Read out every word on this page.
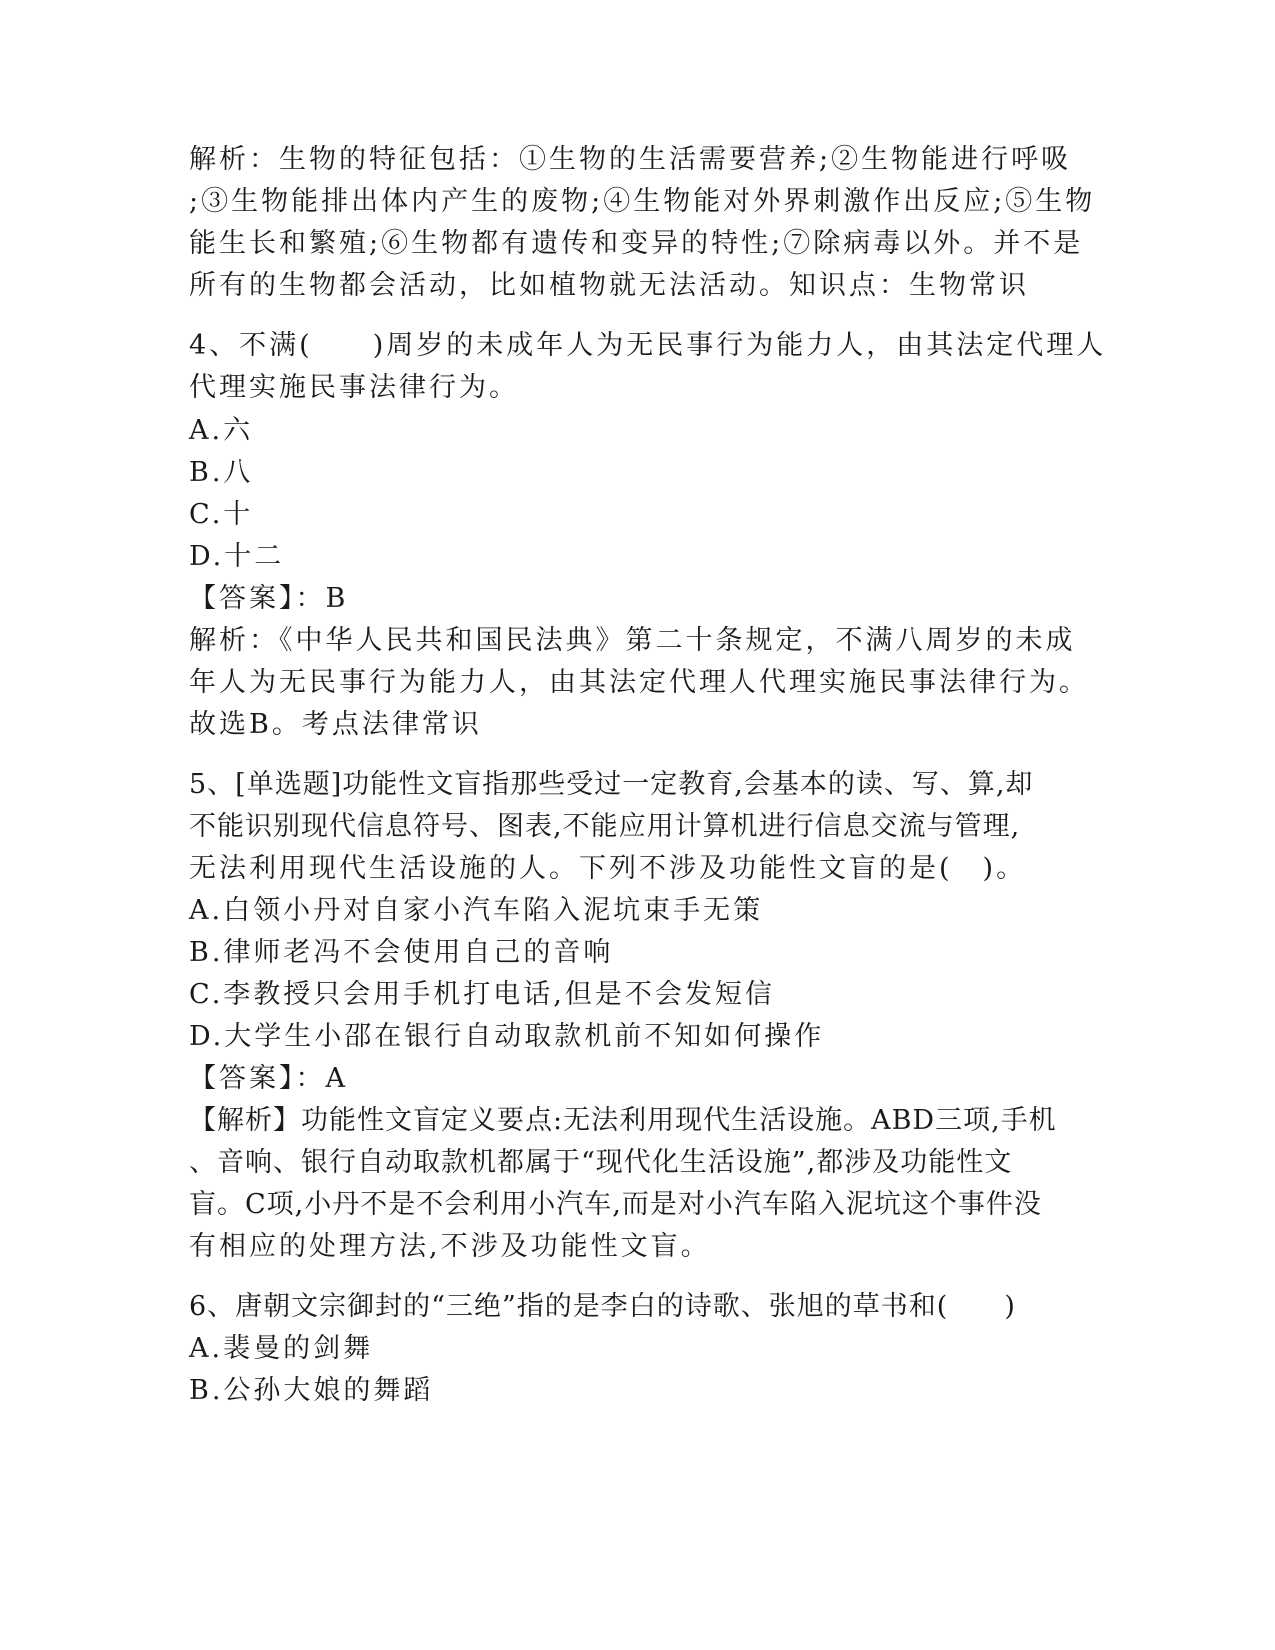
解析：生物的特征包括：①生物的生活需要营养;②生物能进行呼吸
;③生物能排出体内产生的废物;④生物能对外界刺激作出反应;⑤生物
能生长和繁殖;⑥生物都有遗传和变异的特性;⑦除病毒以外。并不是
所有的生物都会活动，比如植物就无法活动。知识点：生物常识
4、不满(　　)周岁的未成年人为无民事行为能力人，由其法定代理人
代理实施民事法律行为。
A.六
B.八
C.十
D.十二
【答案】：B
解析：《中华人民共和国民法典》第二十条规定，不满八周岁的未成
年人为无民事行为能力人，由其法定代理人代理实施民事法律行为。
故选B。考点法律常识
5、[单选题]功能性文盲指那些受过一定教育,会基本的读、写、算,却
不能识别现代信息符号、图表,不能应用计算机进行信息交流与管理,
无法利用现代生活设施的人。下列不涉及功能性文盲的是(　)。
A.白领小丹对自家小汽车陷入泥坑束手无策
B.律师老冯不会使用自己的音响
C.李教授只会用手机打电话,但是不会发短信
D.大学生小邵在银行自动取款机前不知如何操作
【答案】：A
【解析】功能性文盲定义要点:无法利用现代生活设施。ABD三项,手机
、音响、银行自动取款机都属于“现代化生活设施”,都涉及功能性文
盲。C项,小丹不是不会利用小汽车,而是对小汽车陷入泥坑这个事件没
有相应的处理方法,不涉及功能性文盲。
6、唐朝文宗御封的“三绝”指的是李白的诗歌、张旭的草书和(　　)
A.裴曼的剑舞
B.公孙大娘的舞蹈
